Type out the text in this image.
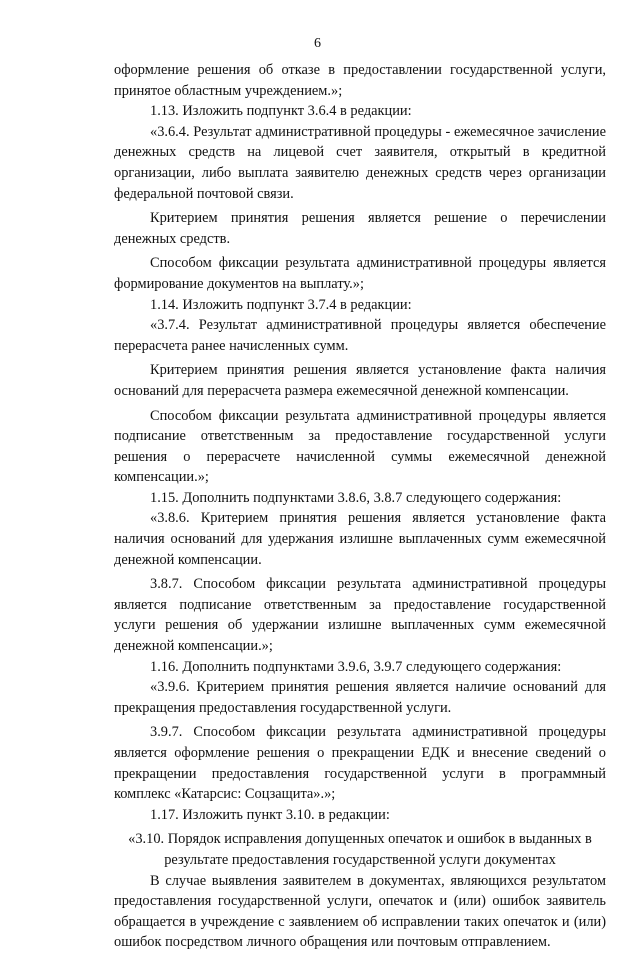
6

оформление решения об отказе в предоставлении государственной услуги, принятое областным учреждением.»;

1.13. Изложить подпункт 3.6.4 в редакции:

«3.6.4. Результат административной процедуры - ежемесячное зачисление денежных средств на лицевой счет заявителя, открытый в кредитной организации, либо выплата заявителю денежных средств через организации федеральной почтовой связи.

Критерием принятия решения является решение о перечислении денежных средств.

Способом фиксации результата административной процедуры является формирование документов на выплату.»;

1.14. Изложить подпункт 3.7.4 в редакции:

«3.7.4. Результат административной процедуры является обеспечение перерасчета ранее начисленных сумм.

Критерием принятия решения является установление факта наличия оснований для перерасчета размера ежемесячной денежной компенсации.

Способом фиксации результата административной процедуры является подписание ответственным за предоставление государственной услуги решения о перерасчете начисленной суммы ежемесячной денежной компенсации.»;

1.15. Дополнить подпунктами 3.8.6, 3.8.7 следующего содержания:

«3.8.6. Критерием принятия решения является установление факта наличия оснований для удержания излишне выплаченных сумм ежемесячной денежной компенсации.

3.8.7. Способом фиксации результата административной процедуры является подписание ответственным за предоставление государственной услуги решения об удержании излишне выплаченных сумм ежемесячной денежной компенсации.»;

1.16. Дополнить подпунктами 3.9.6, 3.9.7 следующего содержания:

«3.9.6. Критерием принятия решения является наличие оснований для прекращения предоставления государственной услуги.

3.9.7. Способом фиксации результата административной процедуры является оформление решения о прекращении ЕДК и внесение сведений о прекращении предоставления государственной услуги в программный комплекс «Катарсис: Соцзащита».»;

1.17. Изложить пункт 3.10. в редакции:

«3.10. Порядок исправления допущенных опечаток и ошибок в выданных в результате предоставления государственной услуги документах

В случае выявления заявителем в документах, являющихся результатом предоставления государственной услуги, опечаток и (или) ошибок заявитель обращается в учреждение с заявлением об исправлении таких опечаток и (или) ошибок посредством личного обращения или почтовым отправлением.
